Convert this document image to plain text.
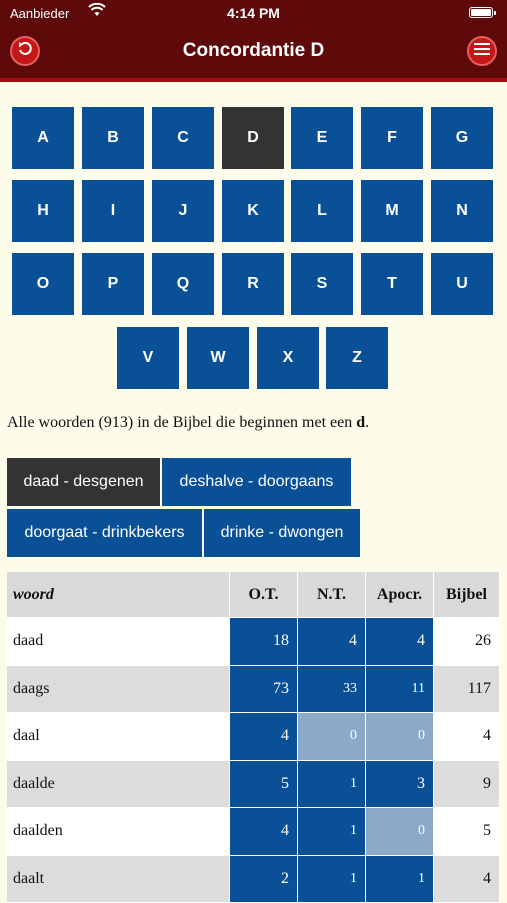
Aanbieder	4:14 PM
Concordantie D
A	B	C	D	E	F	G
H	I	J	K	L	M	N
O	P	Q	R	S	T	U
V	W	X	Z
Alle woorden (913) in de Bijbel die beginnen met een d.
daad - desgenen	deshalve - doorgaans
doorgaat - drinkbekers	drinke - dwongen
woord	O.T.	N.T.	Apocr.	Bijbel
daad	18	4	4	26
daags	73	33	11	117
daal	4	0	0	4
daalde	5	1	3	9
daalden	4	1	0	5
daalt	2	1	1	4
